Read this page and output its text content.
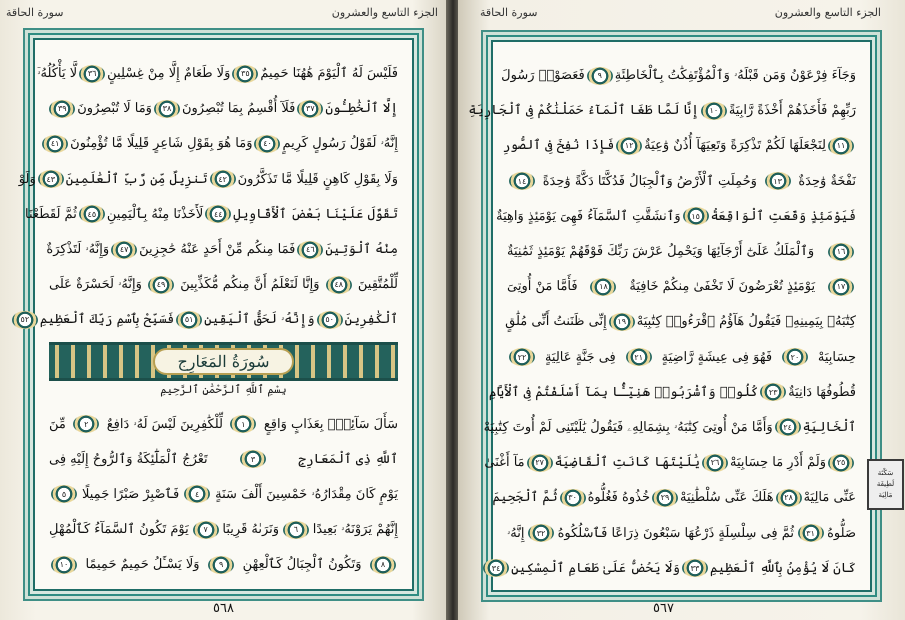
سورة الحاقة	الجزء التاسع والعشرون
فَلَيْسَ لَهُ ٱلْيَوْمَ هَٰهُنَا حَمِيمٌ
٣٥
وَلَا طَعَامٌ إِلَّا مِنْ غِسْلِينٍ
٣٦
لَّا يَأْكُلُهُۥٓ
إِلَّا ٱلْخَٰطِـُٔونَ
٣٧
فَلَآ أُقْسِمُ بِمَا تُبْصِرُونَ
٣٨
وَمَا لَا تُبْصِرُونَ
٣٩
إِنَّهُۥ لَقَوْلُ رَسُولٍ كَرِيمٍ
٤٠
وَمَا هُوَ بِقَوْلِ شَاعِرٍ قَلِيلًا مَّا تُؤْمِنُونَ
٤١
وَلَا بِقَوْلِ كَاهِنٍ قَلِيلًا مَّا تَذَكَّرُونَ
٤٢
تَنزِيلٌ مِّن رَّبِّ ٱلْعَٰلَمِينَ
٤٣
وَلَوْ
تَقَوَّلَ عَلَيْنَا بَعْضَ ٱلْأَقَاوِيلِ
٤٤
لَأَخَذْنَا مِنْهُ بِٱلْيَمِينِ
٤٥
ثُمَّ لَقَطَعْنَا
مِنْهُ ٱلْوَتِينَ
٤٦
فَمَا مِنكُم مِّنْ أَحَدٍ عَنْهُ حَٰجِزِينَ
٤٧
وَإِنَّهُۥ لَتَذْكِرَةٌ
لِّلْمُتَّقِينَ
٤٨
وَإِنَّا لَنَعْلَمُ أَنَّ مِنكُم مُّكَذِّبِينَ
٤٩
وَإِنَّهُۥ لَحَسْرَةٌ عَلَى
ٱلْكَٰفِرِينَ
٥٠
وَإِنَّهُۥ لَحَقُّ ٱلْيَقِينِ
٥١
فَسَبِّحْ بِٱسْمِ رَبِّكَ ٱلْعَظِيمِ
٥٢
سُورَةُ المَعَارِج
بِسْمِ ٱللَّهِ ٱلرَّحْمَٰنِ ٱلرَّحِيمِ
سَأَلَ سَآئِلٌۢ بِعَذَابٍ وَاقِعٍ
١
لِّلْكَٰفِرِينَ لَيْسَ لَهُۥ دَافِعٌ
٢
مِّنَ
ٱللَّهِ ذِى ٱلْمَعَارِجِ
٣
تَعْرُجُ ٱلْمَلَٰٓئِكَةُ وَٱلرُّوحُ إِلَيْهِ فِى
يَوْمٍ كَانَ مِقْدَارُهُۥ خَمْسِينَ أَلْفَ سَنَةٍ
٤
فَٱصْبِرْ صَبْرًا جَمِيلًا
٥
إِنَّهُمْ يَرَوْنَهُۥ بَعِيدًا
٦
وَنَرَىٰهُ قَرِيبًا
٧
يَوْمَ تَكُونُ ٱلسَّمَآءُ كَٱلْمُهْلِ
٨
وَتَكُونُ ٱلْجِبَالُ كَٱلْعِهْنِ
٩
وَلَا يَسْـَٔلُ حَمِيمٌ حَمِيمًا
١٠
٥٦٨
سورة الحاقة	الجزء التاسع والعشرون
وَجَآءَ فِرْعَوْنُ وَمَن قَبْلَهُۥ وَٱلْمُؤْتَفِكَٰتُ بِٱلْخَاطِئَةِ
٩
فَعَصَوْا۟ رَسُولَ
رَبِّهِمْ فَأَخَذَهُمْ أَخْذَةً رَّابِيَةً
١٠
إِنَّا لَمَّا طَغَا ٱلْمَآءُ حَمَلْنَٰكُمْ فِى ٱلْجَارِيَةِ
١١
لِنَجْعَلَهَا لَكُمْ تَذْكِرَةً وَتَعِيَهَآ أُذُنٌ وَٰعِيَةٌ
١٢
فَإِذَا نُفِخَ فِى ٱلصُّورِ
نَفْخَةٌ وَٰحِدَةٌ
١٣
وَحُمِلَتِ ٱلْأَرْضُ وَٱلْجِبَالُ فَدُكَّتَا دَكَّةً وَٰحِدَةً
١٤
فَيَوْمَئِذٍ وَقَعَتِ ٱلْوَاقِعَةُ
١٥
وَٱنشَقَّتِ ٱلسَّمَآءُ فَهِىَ يَوْمَئِذٍ وَاهِيَةٌ
١٦
وَٱلْمَلَكُ عَلَىٰٓ أَرْجَآئِهَا وَيَحْمِلُ عَرْشَ رَبِّكَ فَوْقَهُمْ يَوْمَئِذٍ ثَمَٰنِيَةٌ
١٧
يَوْمَئِذٍ تُعْرَضُونَ لَا تَخْفَىٰ مِنكُمْ خَافِيَةٌ
١٨
فَأَمَّا مَنْ أُوتِىَ
كِتَٰبَهُۥ بِيَمِينِهِۦ فَيَقُولُ هَآؤُمُ ٱقْرَءُوا۟ كِتَٰبِيَهْ
١٩
إِنِّى ظَنَنتُ أَنِّى مُلَٰقٍ
حِسَابِيَهْ
٢٠
فَهُوَ فِى عِيشَةٍ رَّاضِيَةٍ
٢١
فِى جَنَّةٍ عَالِيَةٍ
٢٢
قُطُوفُهَا دَانِيَةٌ
٢٣
كُلُوا۟ وَٱشْرَبُوا۟ هَنِيٓـًٔۢا بِمَآ أَسْلَفْتُمْ فِى ٱلْأَيَّامِ
ٱلْخَالِيَةِ
٢٤
وَأَمَّا مَنْ أُوتِىَ كِتَٰبَهُۥ بِشِمَالِهِۦ فَيَقُولُ يَٰلَيْتَنِى لَمْ أُوتَ كِتَٰبِيَهْ
٢٥
وَلَمْ أَدْرِ مَا حِسَابِيَهْ
٢٦
يَٰلَيْتَهَا كَانَتِ ٱلْقَاضِيَةَ
٢٧
مَآ أَغْنَىٰ
عَنِّى مَالِيَهْ
٢٨
هَلَكَ عَنِّى سُلْطَٰنِيَهْ
٢٩
خُذُوهُ فَغُلُّوهُ
٣٠
ثُمَّ ٱلْجَحِيمَ
صَلُّوهُ
٣١
ثُمَّ فِى سِلْسِلَةٍ ذَرْعُهَا سَبْعُونَ ذِرَاعًا فَٱسْلُكُوهُ
٣٢
إِنَّهُۥ
كَانَ لَا يُؤْمِنُ بِٱللَّهِ ٱلْعَظِيمِ
٣٣
وَلَا يَحُضُّ عَلَىٰ طَعَامِ ٱلْمِسْكِينِ
٣٤
٥٦٧
سَكْتَة
لَطِيفَة
مَالِيَة
